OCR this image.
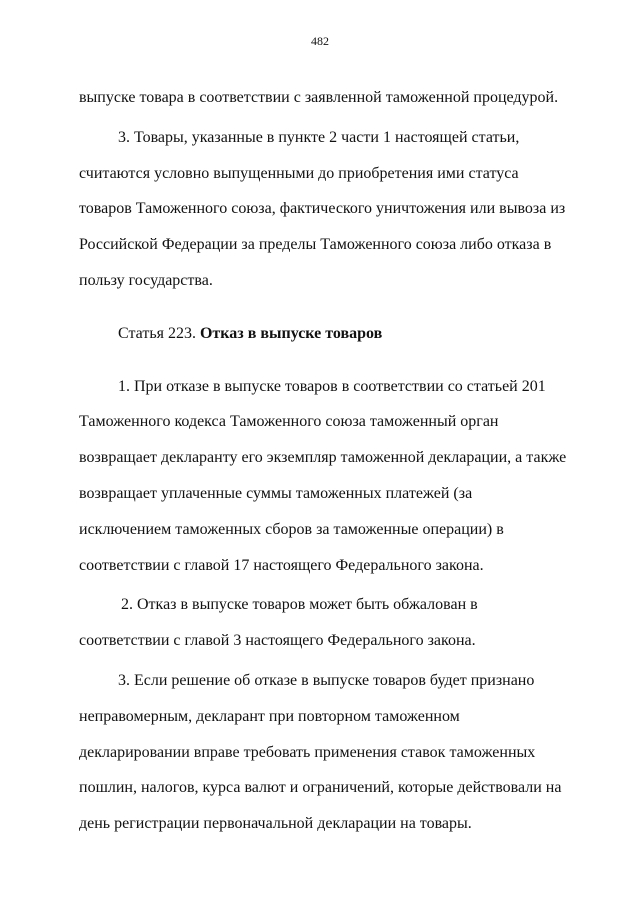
482

выпуске товара в соответствии с заявленной таможенной процедурой.

3. Товары, указанные в пункте 2 части 1 настоящей статьи, считаются условно выпущенными до приобретения ими статуса товаров Таможенного союза, фактического уничтожения или вывоза из Российской Федерации за пределы Таможенного союза либо отказа в пользу государства.

Статья 223. Отказ в выпуске товаров

1. При отказе в выпуске товаров в соответствии со статьей 201 Таможенного кодекса Таможенного союза таможенный орган возвращает декларанту его экземпляр таможенной декларации, а также возвращает уплаченные суммы таможенных платежей (за исключением таможенных сборов за таможенные операции) в соответствии с главой 17 настоящего Федерального закона.

2. Отказ в выпуске товаров может быть обжалован в соответствии с главой 3 настоящего Федерального закона.

3. Если решение об отказе в выпуске товаров будет признано неправомерным, декларант при повторном таможенном декларировании вправе требовать применения ставок таможенных пошлин, налогов, курса валют и ограничений, которые действовали на день регистрации первоначальной декларации на товары.
